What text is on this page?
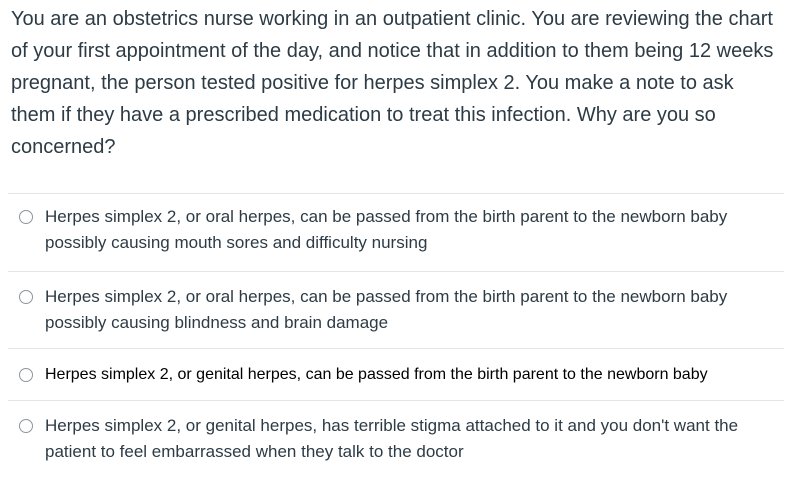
You are an obstetrics nurse working in an outpatient clinic. You are reviewing the chart of your first appointment of the day, and notice that in addition to them being 12 weeks pregnant, the person tested positive for herpes simplex 2. You make a note to ask them if they have a prescribed medication to treat this infection. Why are you so concerned?

Herpes simplex 2, or oral herpes, can be passed from the birth parent to the newborn baby possibly causing mouth sores and difficulty nursing
Herpes simplex 2, or oral herpes, can be passed from the birth parent to the newborn baby possibly causing blindness and brain damage
Herpes simplex 2, or genital herpes, can be passed from the birth parent to the newborn baby
Herpes simplex 2, or genital herpes, has terrible stigma attached to it and you don't want the patient to feel embarrassed when they talk to the doctor
